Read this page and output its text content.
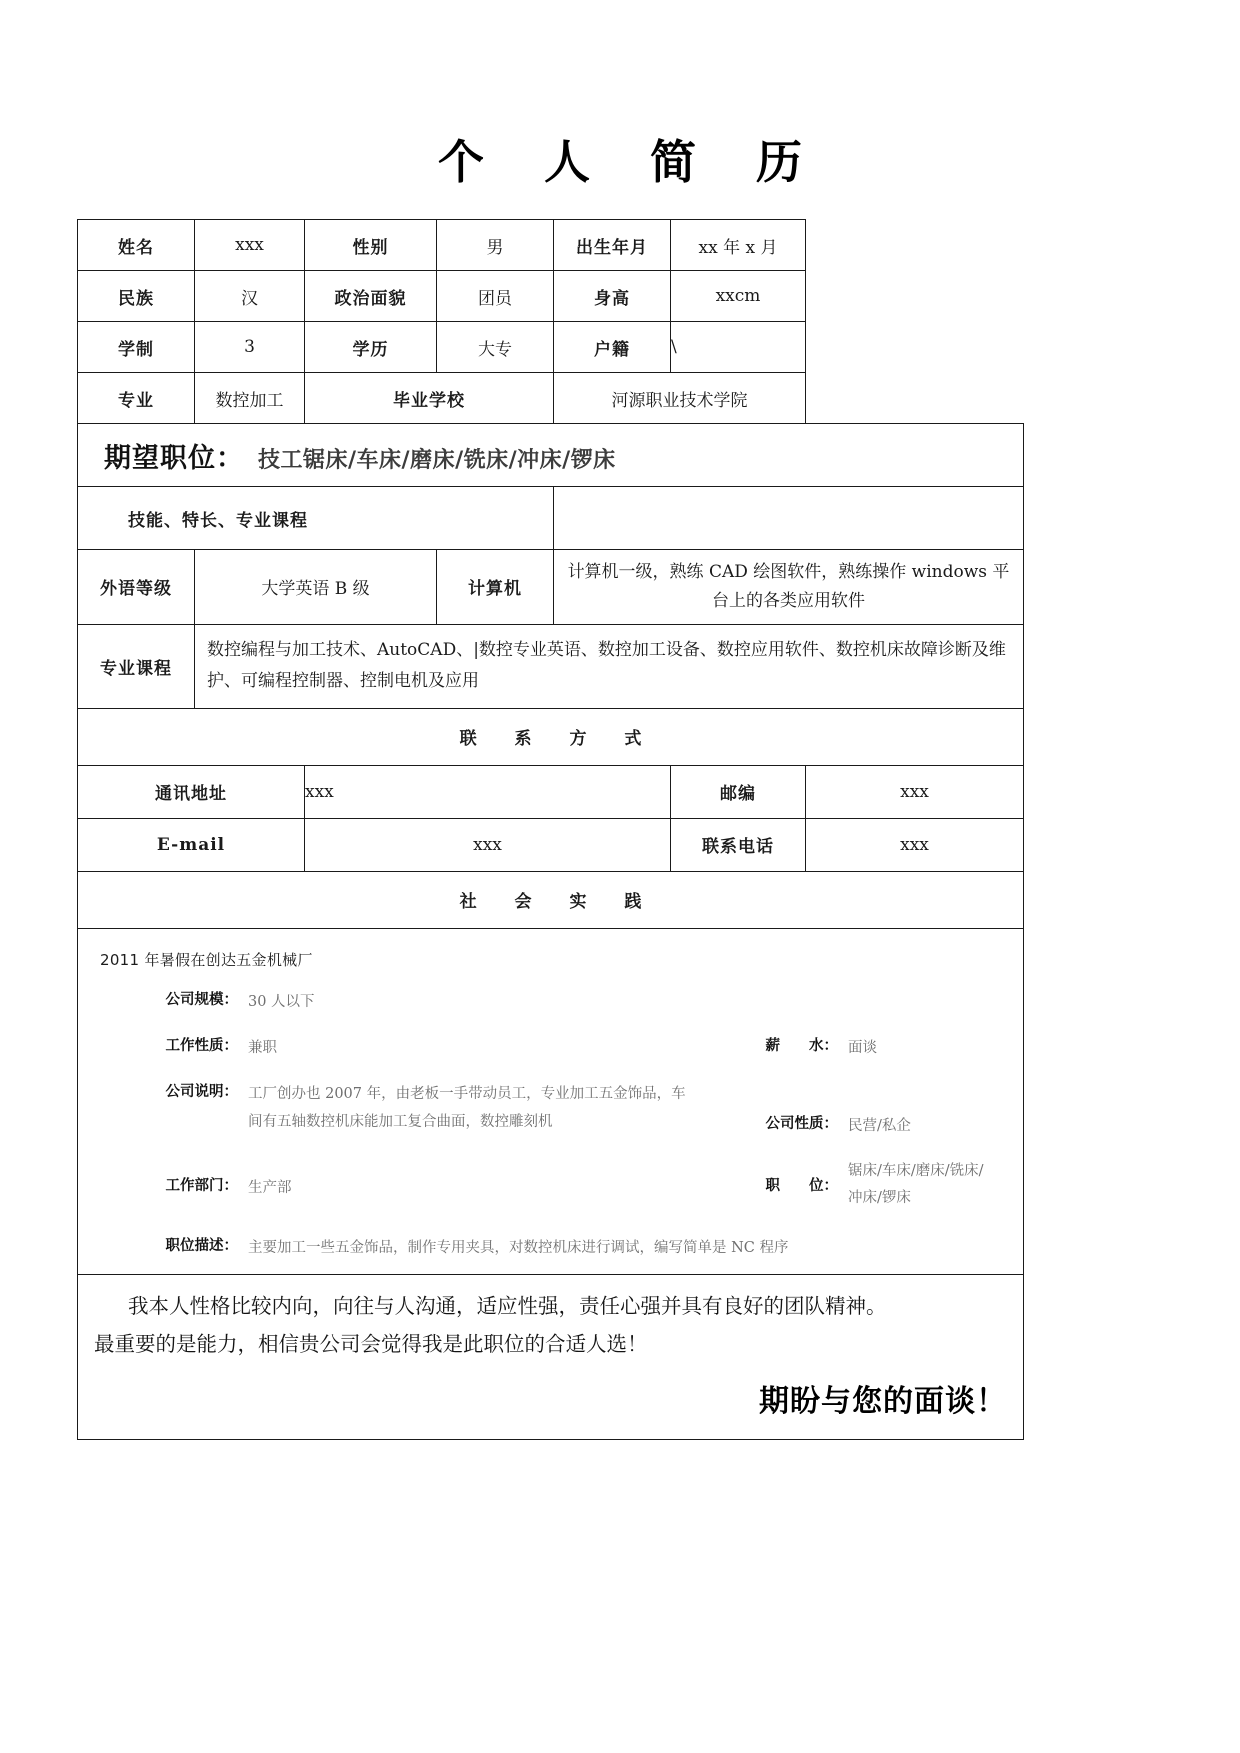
个 人 简 历
姓名	xxx	性别	男	出生年月	xx 年 x 月	
民族	汉	政治面貌	团员	身高	xxcm	
学制	3	学历	大专	户籍	\	
专业	数控加工	毕业学校		河源职业技术学院		
期望职位： 技工锯床/车床/磨床/铣床/冲床/锣床						
技能、特长、专业课程						
外语等级	大学英语 B 级		计算机	计算机一级，熟练 CAD 绘图软件，熟练操作 windows 平台上的各类应用软件		
专业课程	数控编程与加工技术、AutoCAD、|数控专业英语、数控加工设备、数控应用软件、数控机床故障诊断及维护、可编程控制器、控制电机及应用					
联 系 方 式						
通讯地址		xxx			邮编	xxx
E-mail		xxx			联系电话	xxx
社 会 实 践						

2011 年暑假在创达五金机械厂
公司规模： 30 人以下
工作性质： 兼职	薪　　水： 面谈
公司说明： 工厂创办也 2007 年，由老板一手带动员工，专业加工五金饰品，车间有五轴数控机床能加工复合曲面，数控雕刻机	公司性质： 民营/私企
工作部门： 生产部	职　　位：
锯床/车床/磨床/铣床/冲床/锣床
职位描述： 主要加工一些五金饰品，制作专用夹具，对数控机床进行调试，编写简单是 NC 程序

我本人性格比较内向，向往与人沟通，适应性强，责任心强并具有良好的团队精神。

最重要的是能力，相信贵公司会觉得我是此职位的合适人选！

期盼与您的面谈！						
